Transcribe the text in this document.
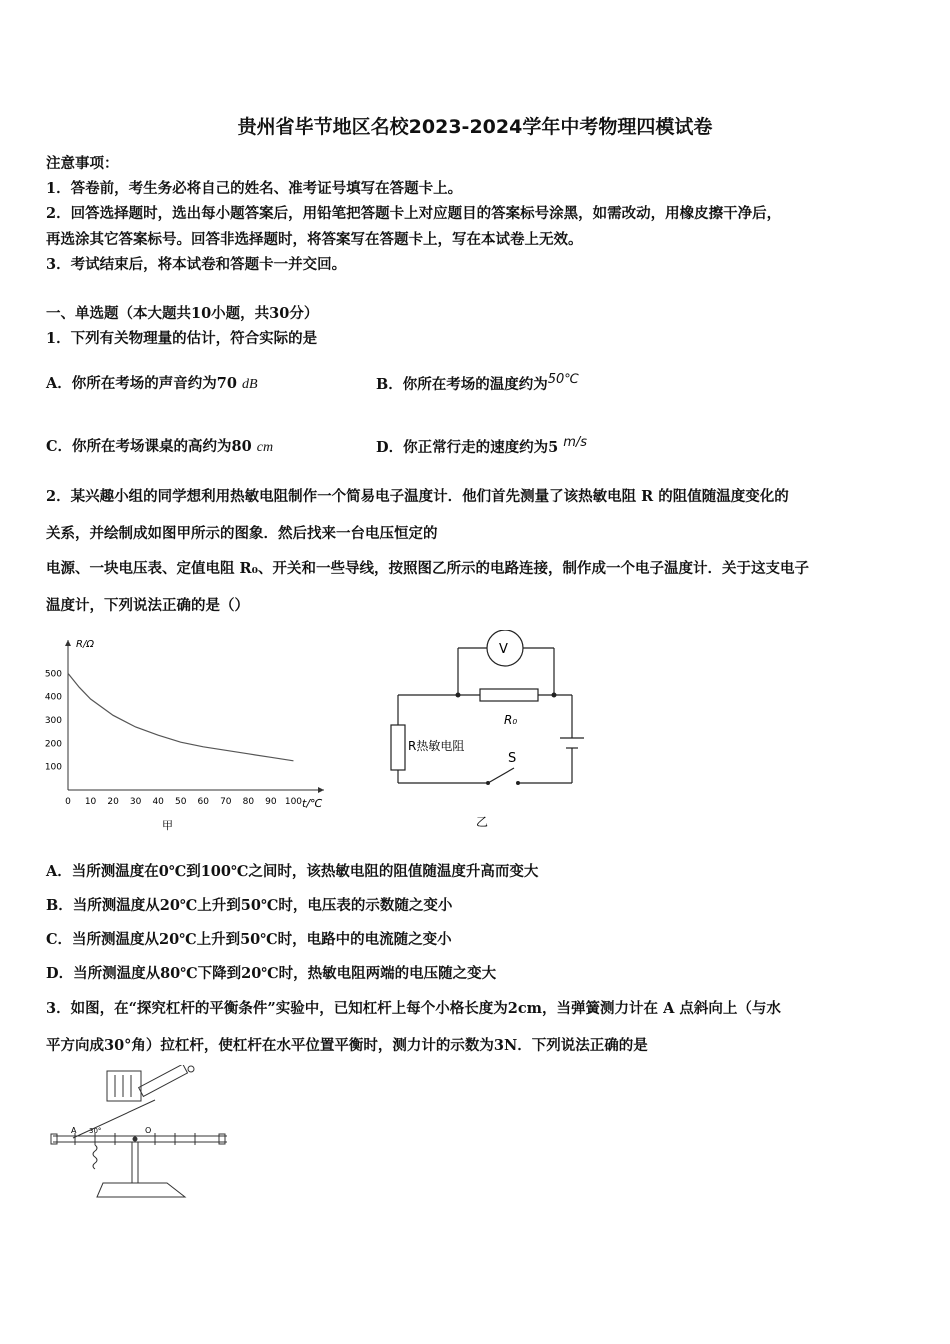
贵州省毕节地区名校2023-2024学年中考物理四模试卷
注意事项：
1．答卷前，考生务必将自己的姓名、准考证号填写在答题卡上。
2．回答选择题时，选出每小题答案后，用铅笔把答题卡上对应题目的答案标号涂黑，如需改动，用橡皮擦干净后，
再选涂其它答案标号。回答非选择题时，将答案写在答题卡上，写在本试卷上无效。
3．考试结束后，将本试卷和答题卡一并交回。
一、单选题（本大题共10小题，共30分）
1．下列有关物理量的估计，符合实际的是
A．你所在考场的声音约为70 dB	B．你所在考场的温度约为50℃
C．你所在考场课桌的高约为80 cm	D．你正常行走的速度约为5 m/s
2．某兴趣小组的同学想利用热敏电阻制作一个简易电子温度计．他们首先测量了该热敏电阻 R 的阻值随温度变化的
关系，并绘制成如图甲所示的图象．然后找来一台电压恒定的
电源、一块电压表、定值电阻 R₀、开关和一些导线，按照图乙所示的电路连接，制作成一个电子温度计．关于这支电子
温度计，下列说法正确的是（）
0 10 20 30 40 50 60 70 80 90 100
100
200
300
400
500
R/Ω
t/℃
甲
V
R₀
R热敏电阻
S
乙
A．当所测温度在0℃到100℃之间时，该热敏电阻的阻值随温度升高而变大
B．当所测温度从20℃上升到50℃时，电压表的示数随之变小
C．当所测温度从20℃上升到50℃时，电路中的电流随之变小
D．当所测温度从80℃下降到20℃时，热敏电阻两端的电压随之变大
3．如图，在“探究杠杆的平衡条件”实验中，已知杠杆上每个小格长度为2cm，当弹簧测力计在 A 点斜向上（与水
平方向成30°角）拉杠杆，使杠杆在水平位置平衡时，测力计的示数为3N．下列说法正确的是
A 30°	O
